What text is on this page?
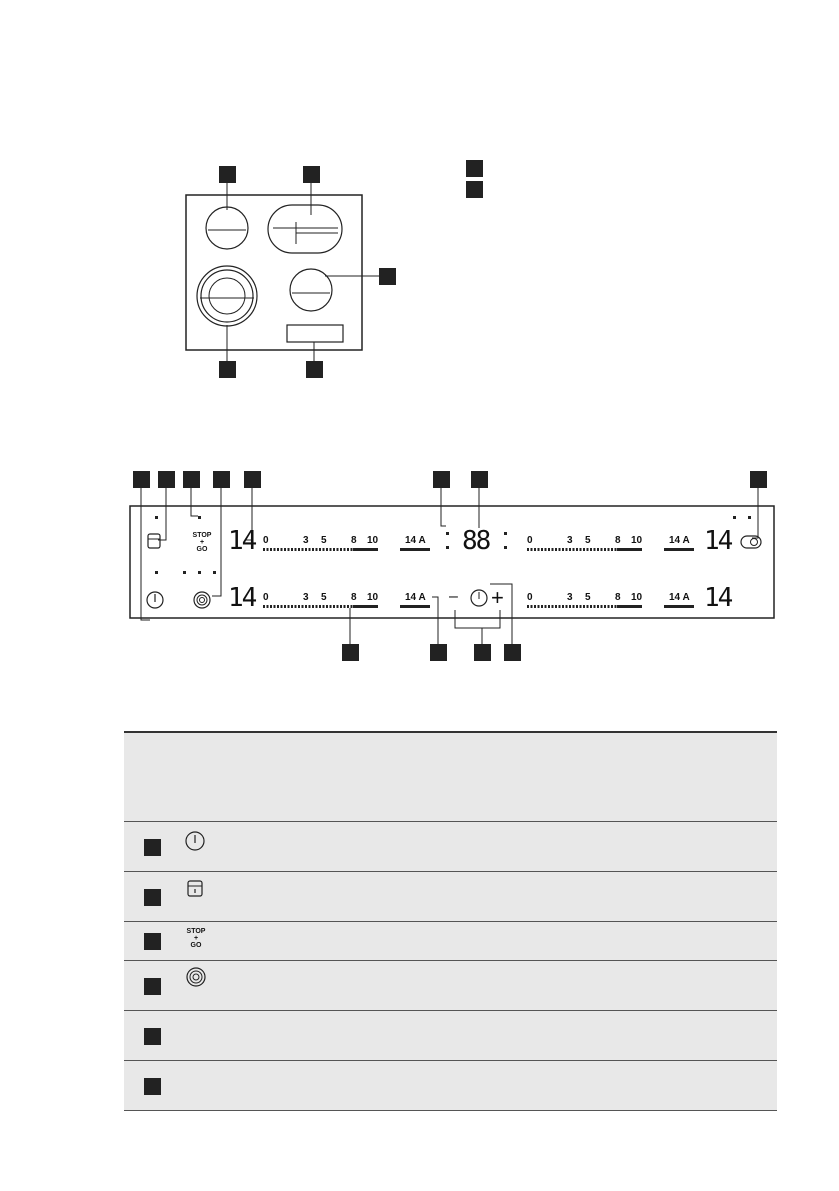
STOP
+
GO 14
14
14
14
88
– +
0	3 5 8 10	14 A
0	3 5 8 10	14 A
0	3 5 8 10	14 A
0	3 5 8 10	14 A

	STOP
+
GO
